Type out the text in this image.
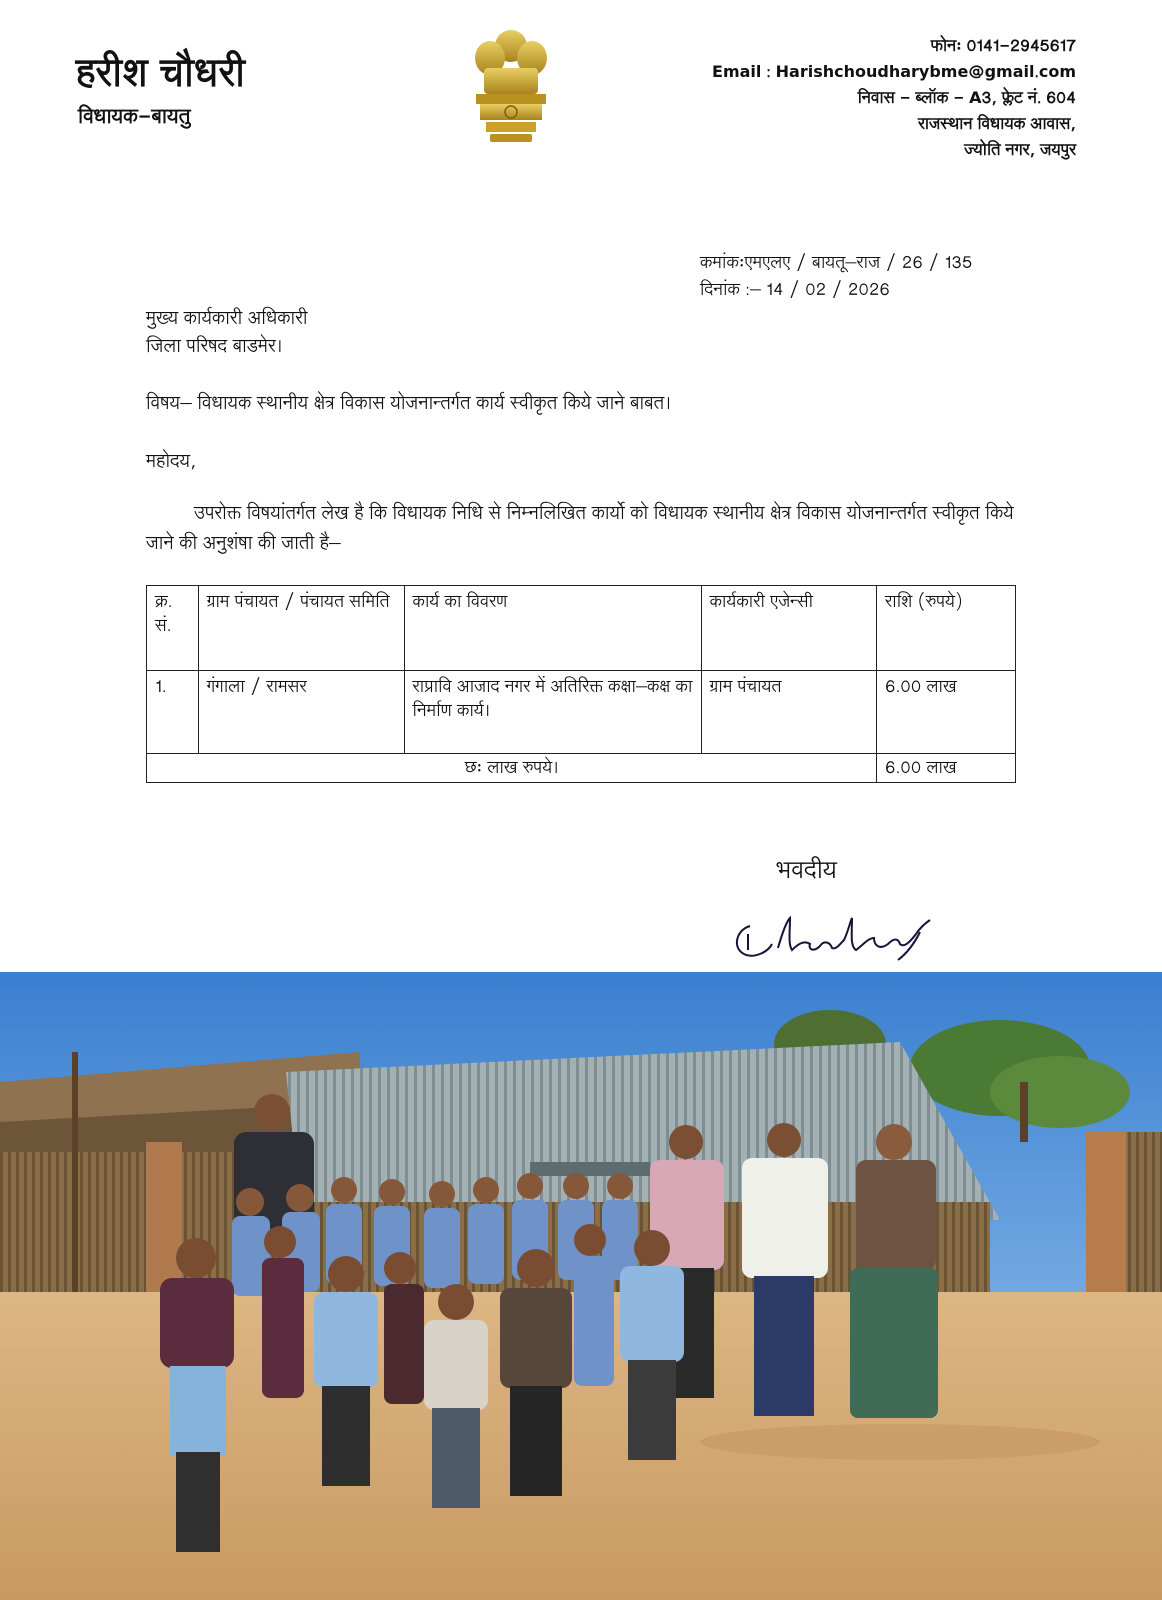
हरीश चौधरी
विधायक-बायतु
फोनः 0141-2945617
Email : Harishchoudharybme@gmail.com
निवास - ब्लॉक - A3, फ्लेट नं. 604
राजस्थान विधायक आवास,
ज्योति नगर, जयपुर
कमांकःएमएलए / बायतू–राज / 26 / 135
दिनांक :– 14 / 02 / 2026
मुख्य कार्यकारी अधिकारी
जिला परिषद बाडमेर।
विषय– विधायक स्थानीय क्षेत्र विकास योजनान्तर्गत कार्य स्वीकृत किये जाने बाबत।
महोदय,
उपरोक्त विषयांतर्गत लेख है कि विधायक निधि से निम्नलिखित कार्यो को विधायक स्थानीय क्षेत्र विकास योजनान्तर्गत स्वीकृत किये जाने की अनुशंषा की जाती है–
क्र. सं.	ग्राम पंचायत / पंचायत समिति	कार्य का विवरण	कार्यकारी एजेन्सी	राशि (रुपये)
1.	गंगाला / रामसर	राप्रावि आजाद नगर में अतिरिक्त कक्षा–कक्ष का निर्माण कार्य।	ग्राम पंचायत	6.00 लाख
छः लाख रुपये।				6.00 लाख
भवदीय
